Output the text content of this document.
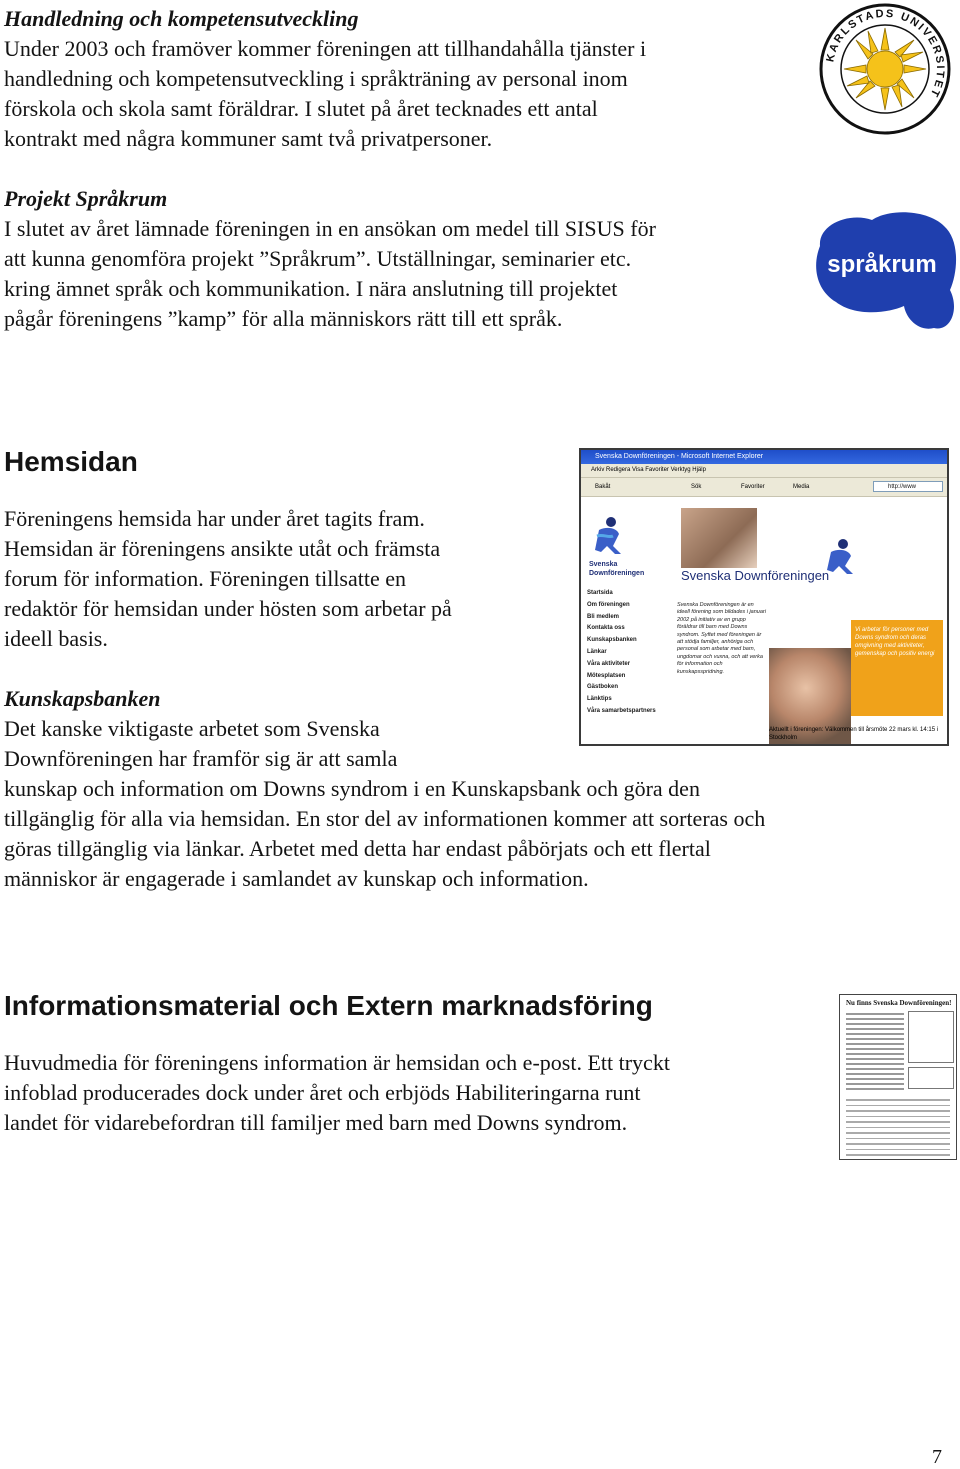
Handledning och kompetensutveckling

Under 2003 och framöver kommer föreningen att tillhandahålla tjänster i
handledning och kompetensutveckling i språkträning av personal inom
förskola och skola samt föräldrar. I slutet på året tecknades ett antal
kontrakt med några kommuner samt två privatpersoner.

Projekt Språkrum

I slutet av året lämnade föreningen in en ansökan om medel till SISUS för
att kunna genomföra projekt ”Språkrum”. Utställningar, seminarier etc.
kring ämnet språk och kommunikation. I nära anslutning till projektet
pågår föreningens ”kamp” för alla människors rätt till ett språk.

Hemsidan

Föreningens hemsida har under året tagits fram.
Hemsidan är föreningens ansikte utåt och främsta
forum för information. Föreningen tillsatte en
redaktör för hemsidan under hösten som arbetar på
ideell basis.

Kunskapsbanken

Det kanske viktigaste arbetet som Svenska
Downföreningen har framför sig är att samla
kunskap och information om Downs syndrom i en Kunskapsbank och göra den
tillgänglig för alla via hemsidan. En stor del av informationen kommer att sorteras och
göras tillgänglig via länkar. Arbetet med detta har endast påbörjats och ett flertal
människor är engagerade i samlandet av kunskap och information.

Informationsmaterial och Extern marknadsföring

Huvudmedia för föreningens information är hemsidan och e-post. Ett tryckt
infoblad producerades dock under året och erbjöds Habiliteringarna runt
landet för vidarebefordran till familjer med barn med Downs syndrom.

KARLSTADS UNIVERSITET
språkrum
Svenska Downföreningen - Microsoft Internet Explorer
Arkiv Redigera Visa Favoriter Verktyg Hjälp
Bakåt	Sök	Favoriter	Media	http://www
Svenska Downföreningen	Svenska Downföreningen
Startsida
Om föreningen
Bli medlem
Kontakta oss
Kunskapsbanken
Länkar
Våra aktiviteter
Mötesplatsen
Gästboken
Länktips
Våra samarbetspartners
Svenska Downföreningen är en ideell förening som bildades i januari 2002 på initiativ av en grupp föräldrar till barn med Downs syndrom. Syftet med föreningen är att stödja familjer, anhöriga och personal som arbetar med barn, ungdomar och vuxna, och att verka för information och kunskapsspridning.
Vi arbetar för personer med Downs syndrom och deras omgivning med aktiviteter, gemenskap och positiv energi
Aktuellt i föreningen: Välkommen till årsmöte 22 mars kl. 14:15 i Stockholm
Nu finns Svenska Downföreningen!
7
